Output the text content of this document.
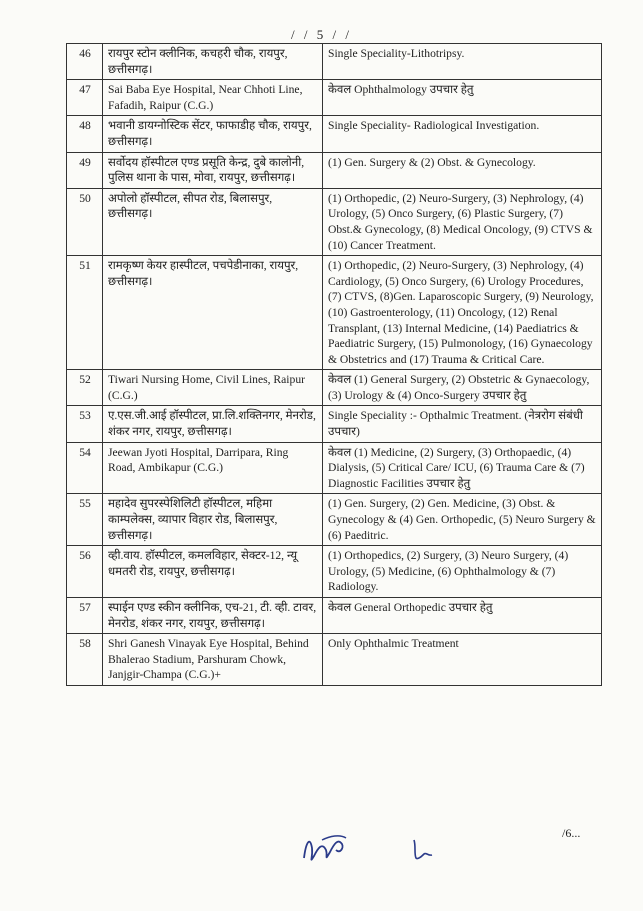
/ / 5 / /
46	रायपुर स्टोन क्लीनिक, कचहरी चौक, रायपुर, छत्तीसगढ़।	Single Speciality-Lithotripsy.
47	Sai Baba Eye Hospital, Near Chhoti Line, Fafadih, Raipur (C.G.)	केवल Ophthalmology उपचार हेतु
48	भवानी डायग्नोस्टिक सेंटर, फाफाडीह चौक, रायपुर, छत्तीसगढ़।	Single Speciality- Radiological Investigation.
49	सर्वोदय हॉस्पीटल एण्ड प्रसूति केन्द्र, दुबे कालोनी, पुलिस थाना के पास, मोवा, रायपुर, छत्तीसगढ़।	(1) Gen. Surgery & (2) Obst. & Gynecology.
50	अपोलो हॉस्पीटल, सीपत रोड, बिलासपुर, छत्तीसगढ़।	(1) Orthopedic, (2) Neuro-Surgery, (3) Nephrology, (4) Urology, (5) Onco Surgery, (6) Plastic Surgery, (7) Obst.& Gynecology, (8) Medical Oncology, (9) CTVS & (10) Cancer Treatment.
51	रामकृष्ण केयर हास्पीटल, पचपेडीनाका, रायपुर, छत्तीसगढ़।	(1) Orthopedic, (2) Neuro-Surgery, (3) Nephrology, (4) Cardiology, (5) Onco Surgery, (6) Urology Procedures, (7) CTVS, (8)Gen. Laparoscopic Surgery, (9) Neurology, (10) Gastroenterology, (11) Oncology, (12) Renal Transplant, (13) Internal Medicine, (14) Paediatrics & Paediatric Surgery, (15) Pulmonology, (16) Gynaecology & Obstetrics and (17) Trauma & Critical Care.
52	Tiwari Nursing Home, Civil Lines, Raipur (C.G.)	केवल (1) General Surgery, (2) Obstetric & Gynaecology, (3) Urology & (4) Onco-Surgery उपचार हेतु
53	ए.एस.जी.आई हॉस्पीटल, प्रा.लि.शक्तिनगर, मेनरोड, शंकर नगर, रायपुर, छत्तीसगढ़।	Single Speciality :- Opthalmic Treatment. (नेत्ररोग संबंधी उपचार)
54	Jeewan Jyoti Hospital, Darripara, Ring Road, Ambikapur (C.G.)	केवल (1) Medicine, (2) Surgery, (3) Orthopaedic, (4) Dialysis, (5) Critical Care/ ICU, (6) Trauma Care & (7) Diagnostic Facilities उपचार हेतु
55	महादेव सुपरस्पेशिलिटी हॉस्पीटल, महिमा काम्पलेक्स, व्यापार विहार रोड, बिलासपुर, छत्तीसगढ़।	(1) Gen. Surgery, (2) Gen. Medicine, (3) Obst. & Gynecology & (4) Gen. Orthopedic, (5) Neuro Surgery & (6) Paeditric.
56	व्ही.वाय. हॉस्पीटल, कमलविहार, सेक्टर-12, न्यू धमतरी रोड, रायपुर, छत्तीसगढ़।	(1) Orthopedics, (2) Surgery, (3) Neuro Surgery, (4) Urology, (5) Medicine, (6) Ophthalmology & (7) Radiology.
57	स्पाईन एण्ड स्कीन क्लीनिक, एच-21, टी. व्ही. टावर, मेनरोड, शंकर नगर, रायपुर, छत्तीसगढ़।	केवल General Orthopedic उपचार हेतु
58	Shri Ganesh Vinayak Eye Hospital, Behind Bhalerao Stadium, Parshuram Chowk, Janjgir-Champa (C.G.)+	Only Ophthalmic Treatment
/6...
